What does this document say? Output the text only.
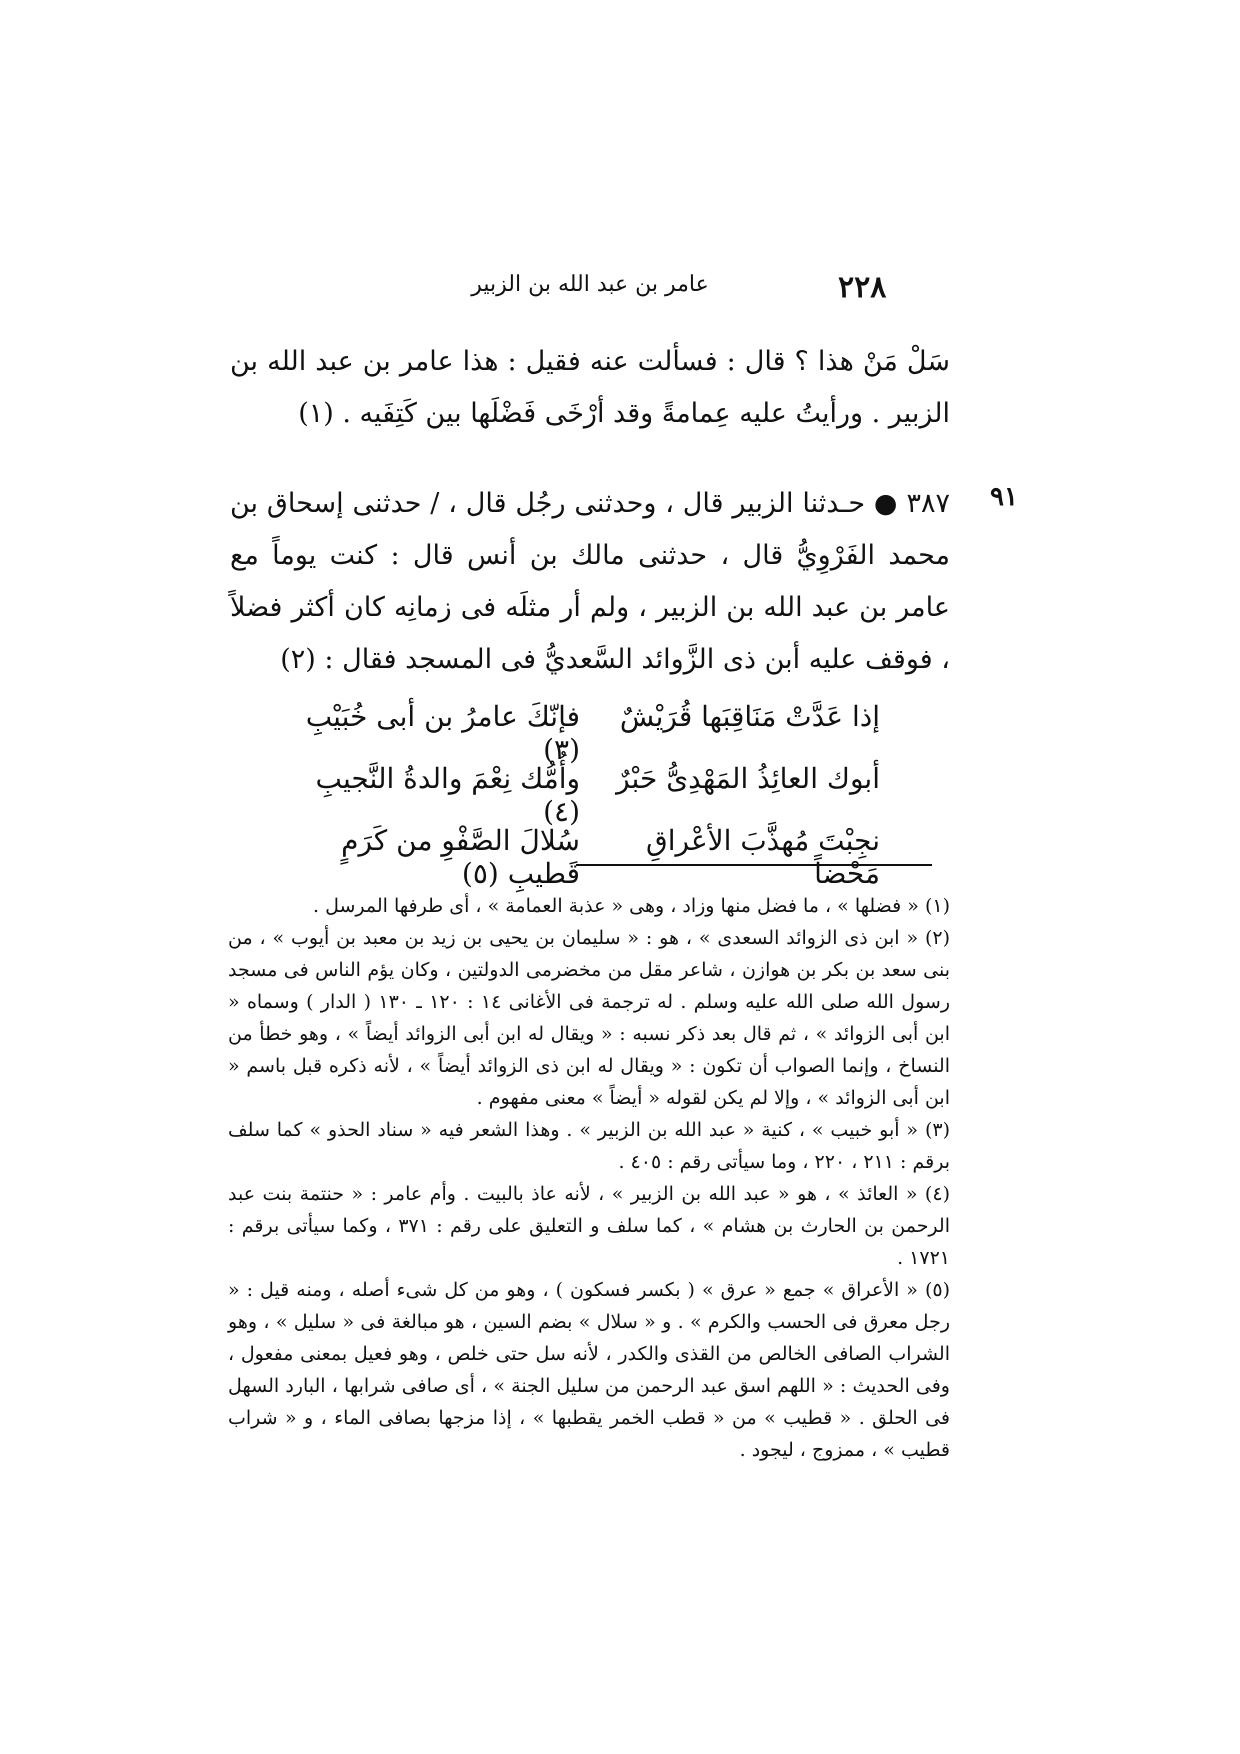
٢٢٨
عامر بن عبد الله بن الزبير
سَلْ مَنْ هذا ؟ قال : فسألت عنه فقيل : هذا عامر بن عبد الله بن الزبير . ورأيتُ عليه عِمامةً وقد أرْخَى فَضْلَها بين كَتِفَيه . (١)
٩١
٣٨٧ ● حـدثنا الزبير قال ، وحدثنى رجُل قال ، / حدثنى إسحاق بن محمد الفَرْوِيُّ قال ، حدثنى مالك بن أنس قال : كنت يوماً مع عامر بن عبد الله بن الزبير ، ولم أر مثلَه فى زمانِه كان أكثر فضلاً ، فوقف عليه أبن ذى الزَّوائد السَّعديُّ فى المسجد فقال : (٢)
إذا عَدَّتْ مَنَاقِبَها قُرَيْشٌ
فإنّكَ عامرُ بن أبى خُبَيْبِ (٣)
أبوك العائِذُ المَهْدِىُّ حَبْرٌ
وأُمُّك نِعْمَ والدةُ النَّجيبِ (٤)
نجِبْتَ مُهذَّبَ الأعْراقِ مَحْضاً
سُلالَ الصَّفْوِ من كَرَمٍ قَطيبِ (٥)
(١) « فضلها » ، ما فضل منها وزاد ، وهى « عذبة العمامة » ، أى طرفها المرسل .
(٢) « ابن ذى الزوائد السعدى » ، هو : « سليمان بن يحيى بن زيد بن معبد بن أيوب » ، من بنى سعد بن بكر بن هوازن ، شاعر مقل من مخضرمى الدولتين ، وكان يؤم الناس فى مسجد رسول الله صلى الله عليه وسلم . له ترجمة فى الأغانى ١٤ : ١٢٠ ـ ١٣٠ ( الدار ) وسماه « ابن أبى الزوائد » ، ثم قال بعد ذكر نسبه : « ويقال له ابن أبى الزوائد أيضاً » ، وهو خطأ من النساخ ، وإنما الصواب أن تكون : « ويقال له ابن ذى الزوائد أيضاً » ، لأنه ذكره قبل باسم « ابن أبى الزوائد » ، وإلا لم يكن لقوله « أيضاً » معنى مفهوم .
(٣) « أبو خبيب » ، كنية « عبد الله بن الزبير » . وهذا الشعر فيه « سناد الحذو » كما سلف برقم : ٢١١ ، ٢٢٠ ، وما سيأتى رقم : ٤٠٥ .
(٤) « العائذ » ، هو « عبد الله بن الزبير » ، لأنه عاذ بالبيت . وأم عامر : « حنتمة بنت عبد الرحمن بن الحارث بن هشام » ، كما سلف و التعليق على رقم : ٣٧١ ، وكما سيأتى برقم : ١٧٢١ .
(٥) « الأعراق » جمع « عرق » ( بكسر فسكون ) ، وهو من كل شىء أصله ، ومنه قيل : « رجل معرق فى الحسب والكرم » . و « سلال » بضم السين ، هو مبالغة فى « سليل » ، وهو الشراب الصافى الخالص من القذى والكدر ، لأنه سل حتى خلص ، وهو فعيل بمعنى مفعول ، وفى الحديث : « اللهم اسق عبد الرحمن من سليل الجنة » ، أى صافى شرابها ، البارد السهل فى الحلق . « قطيب » من « قطب الخمر يقطبها » ، إذا مزجها بصافى الماء ، و « شراب قطيب » ، ممزوج ، ليجود .
